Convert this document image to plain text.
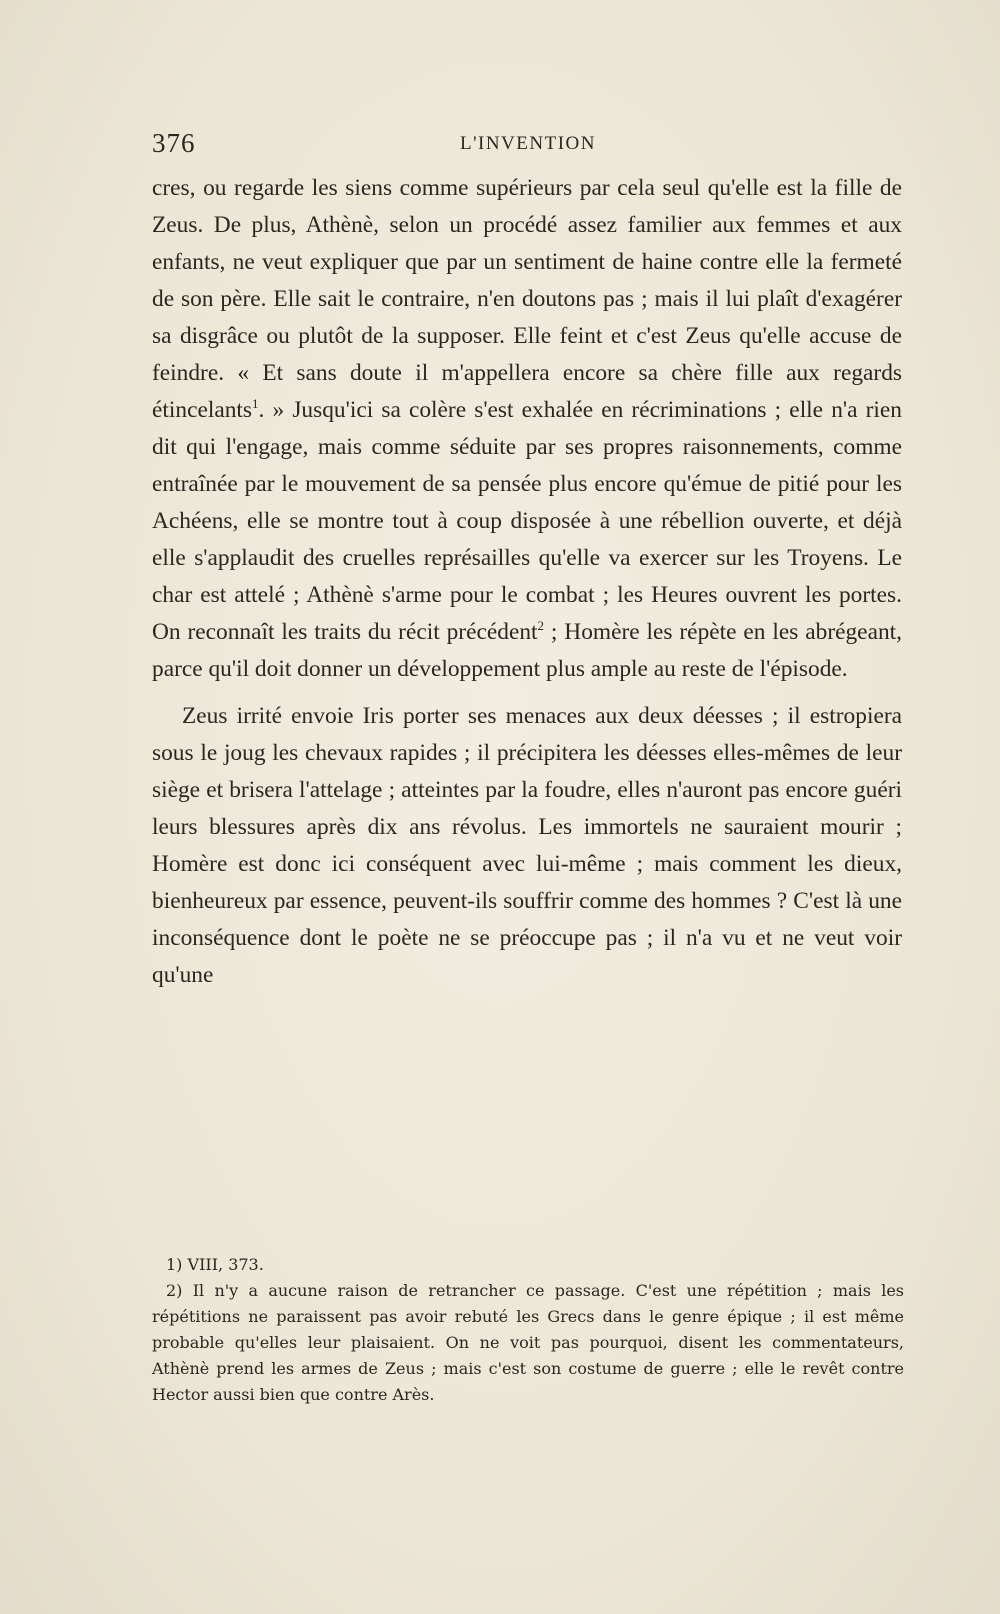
376	L'INVENTION

cres, ou regarde les siens comme supérieurs par cela seul qu'elle est la fille de Zeus. De plus, Athènè, selon un procédé assez familier aux femmes et aux enfants, ne veut expliquer que par un sentiment de haine contre elle la fermeté de son père. Elle sait le contraire, n'en doutons pas ; mais il lui plaît d'exagérer sa disgrâce ou plutôt de la supposer. Elle feint et c'est Zeus qu'elle accuse de feindre. « Et sans doute il m'appellera encore sa chère fille aux regards étincelants$^1$. » Jusqu'ici sa colère s'est exhalée en récriminations ; elle n'a rien dit qui l'engage, mais comme séduite par ses propres raisonnements, comme entraînée par le mouvement de sa pensée plus encore qu'émue de pitié pour les Achéens, elle se montre tout à coup disposée à une rébellion ouverte, et déjà elle s'applaudit des cruelles représailles qu'elle va exercer sur les Troyens. Le char est attelé ; Athènè s'arme pour le combat ; les Heures ouvrent les portes. On reconnaît les traits du récit précédent$^2$ ; Homère les répète en les abrégeant, parce qu'il doit donner un développement plus ample au reste de l'épisode.

Zeus irrité envoie Iris porter ses menaces aux deux déesses ; il estropiera sous le joug les chevaux rapides ; il précipitera les déesses elles-mêmes de leur siège et brisera l'attelage ; atteintes par la foudre, elles n'auront pas encore guéri leurs blessures après dix ans révolus. Les immortels ne sauraient mourir ; Homère est donc ici conséquent avec lui-même ; mais comment les dieux, bienheureux par essence, peuvent-ils souffrir comme des hommes ? C'est là une inconséquence dont le poète ne se préoccupe pas ; il n'a vu et ne veut voir qu'une

1) VIII, 373.

2) Il n'y a aucune raison de retrancher ce passage. C'est une répétition ; mais les répétitions ne paraissent pas avoir rebuté les Grecs dans le genre épique ; il est même probable qu'elles leur plaisaient. On ne voit pas pourquoi, disent les commentateurs, Athènè prend les armes de Zeus ; mais c'est son costume de guerre ; elle le revêt contre Hector aussi bien que contre Arès.
